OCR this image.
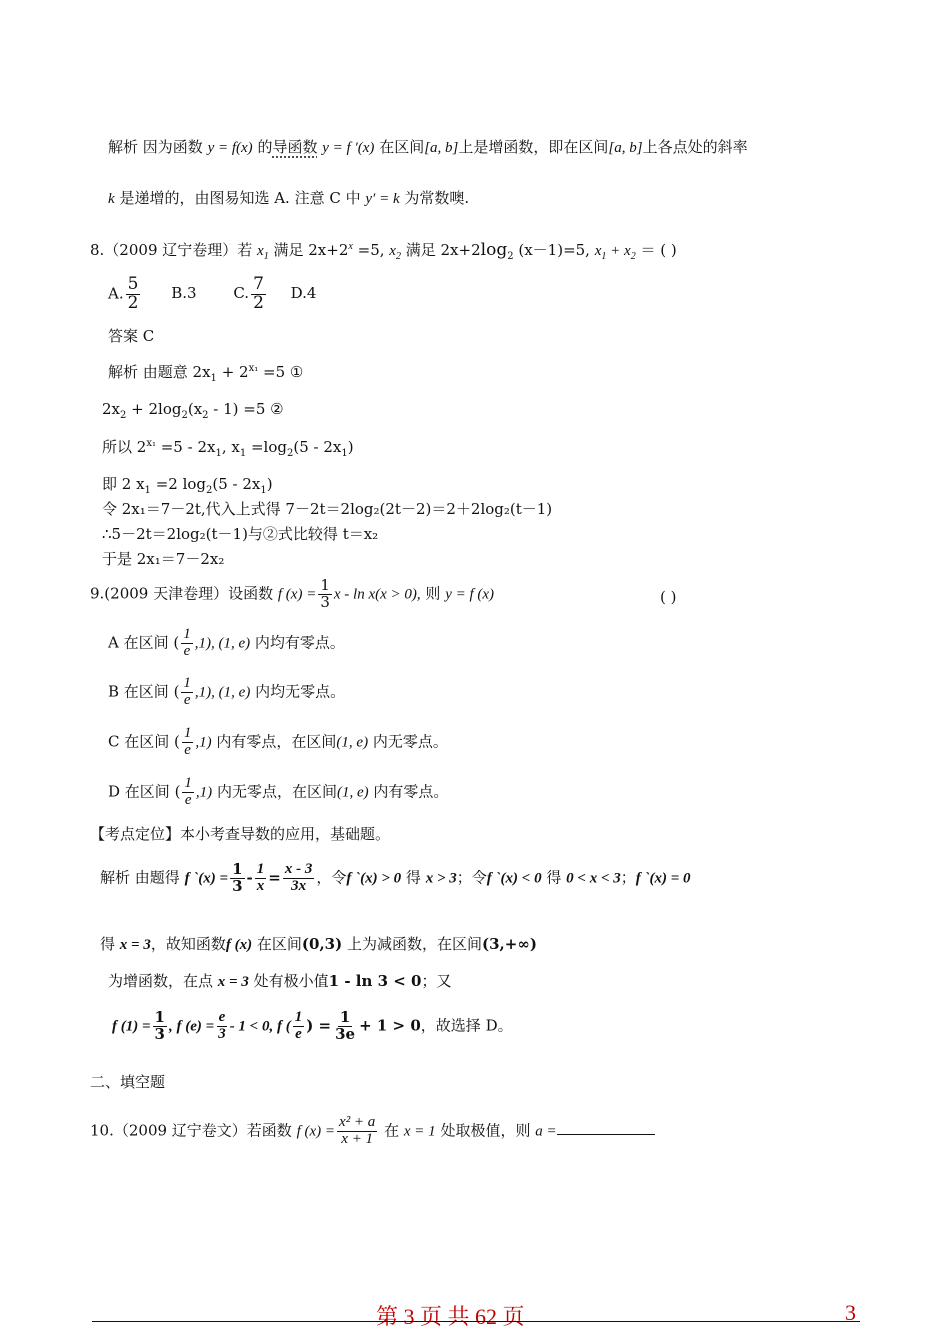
解析 因为函数 y = f(x) 的导函数 y = f ′(x) 在区间[a, b]上是增函数，即在区间[a, b]上各点处的斜率
k 是递增的，由图易知选 A. 注意 C 中 y′ = k 为常数噢.
8.（2009 辽宁卷理）若 $x_1$ 满足 $2x+2^x =5$, $x_2$ 满足 $2x+2\log_2$ (x－1)=5, $x_1 + x_2$ ＝ ( )
A. $\frac{5}{2} B.3$ C. $\frac{7}{2} D.4$
答案 C
解析 由题意 $2x_1 + 2^{x_1} =5$ ①
$2x_2 + 2\log_2(x_2 - 1) =5$ ②
所以 $2^{x_1} =5 - 2x_1$, $x_1 =\log_2(5 - 2x_1)$
即 2 $x_1 =2$ $\log_2(5 - 2x_1)$
令 2x₁＝7－2t,代入上式得 7－2t＝2log₂(2t－2)＝2＋2log₂(t－1)
∴5－2t＝2log₂(t－1)与②式比较得 t＝x₂
于是 2x₁＝7－2x₂
9.(2009 天津卷理）设函数 f $(x) = \frac{1}{3}$ x - ln x(x > 0), 则 y = f (x)	( )
A 在区间 ( $\frac{1}{e} ,1$), (1, e) 内均有零点。
B 在区间 ( $\frac{1}{e} ,1$), (1, e) 内均无零点。
C 在区间 ( $\frac{1}{e} ,1$) 内有零点，在区间(1, e) 内无零点。
D 在区间 ( $\frac{1}{e} ,1$) 内无零点，在区间(1, e) 内有零点。
【考点定位】本小考查导数的应用，基础题。
解析 由题得 f `(x) = $\frac{1}{3} - \frac{1}{x} = \frac{x - 3}{3x}$ ，令f `(x) > 0 得 x > 3；令f `(x) < 0 得 0 < x < 3；f `(x) = 0
得 x = 3，故知函数f (x) 在区间(0,3) 上为减函数，在区间(3,+∞)
为增函数，在点 x = 3 处有极小值1 - ln 3 < 0；又
f $(1) = \frac{1}{3}$ , f $(e) = \frac{e}{3} - 1 < 0$, f ( $\frac{1}{e}$ ) = $\frac{1}{3e} + 1 > 0$，故选择 D。
二、填空题
10.（2009 辽宁卷文）若函数 f $(x) = \frac{\text{x² + a}}{x + 1}$ 在 x = 1 处取极值，则 a =
第 3 页 共 62 页	3
